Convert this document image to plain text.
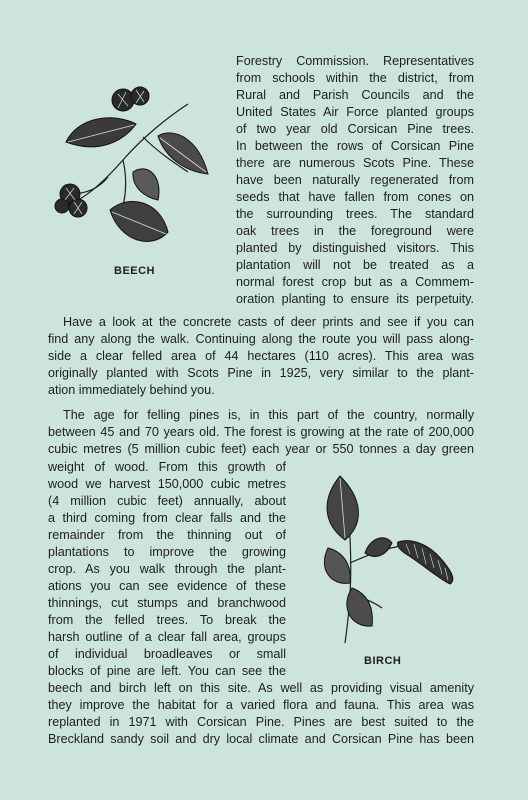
BEECH
BIRCH
Forestry Commission. Representatives
from schools within the district, from
Rural and Parish Councils and the
United States Air Force planted groups
of two year old Corsican Pine trees.
In between the rows of Corsican Pine
there are numerous Scots Pine. These
have been naturally regenerated from
seeds that have fallen from cones on
the surrounding trees. The standard
oak trees in the foreground were
planted by distinguished visitors. This
plantation will not be treated as a
normal forest crop but as a Commem-
oration planting to ensure its perpetuity.
Have a look at the concrete casts of deer prints and see if you can
find any along the walk. Continuing along the route you will pass along-
side a clear felled area of 44 hectares (110 acres). This area was
originally planted with Scots Pine in 1925, very similar to the plant-
ation immediately behind you.
The age for felling pines is, in this part of the country, normally
between 45 and 70 years old. The forest is growing at the rate of 200,000
cubic metres (5 million cubic feet) each year or 550 tonnes a day green
weight of wood. From this growth of
wood we harvest 150,000 cubic metres
(4 million cubic feet) annually, about
a third coming from clear falls and the
remainder from the thinning out of
plantations to improve the growing
crop. As you walk through the plant-
ations you can see evidence of these
thinnings, cut stumps and branchwood
from the felled trees. To break the
harsh outline of a clear fall area, groups
of individual broadleaves or small
blocks of pine are left. You can see the
beech and birch left on this site. As well as providing visual amenity
they improve the habitat for a varied flora and fauna. This area was
replanted in 1971 with Corsican Pine. Pines are best suited to the
Breckland sandy soil and dry local climate and Corsican Pine has been
